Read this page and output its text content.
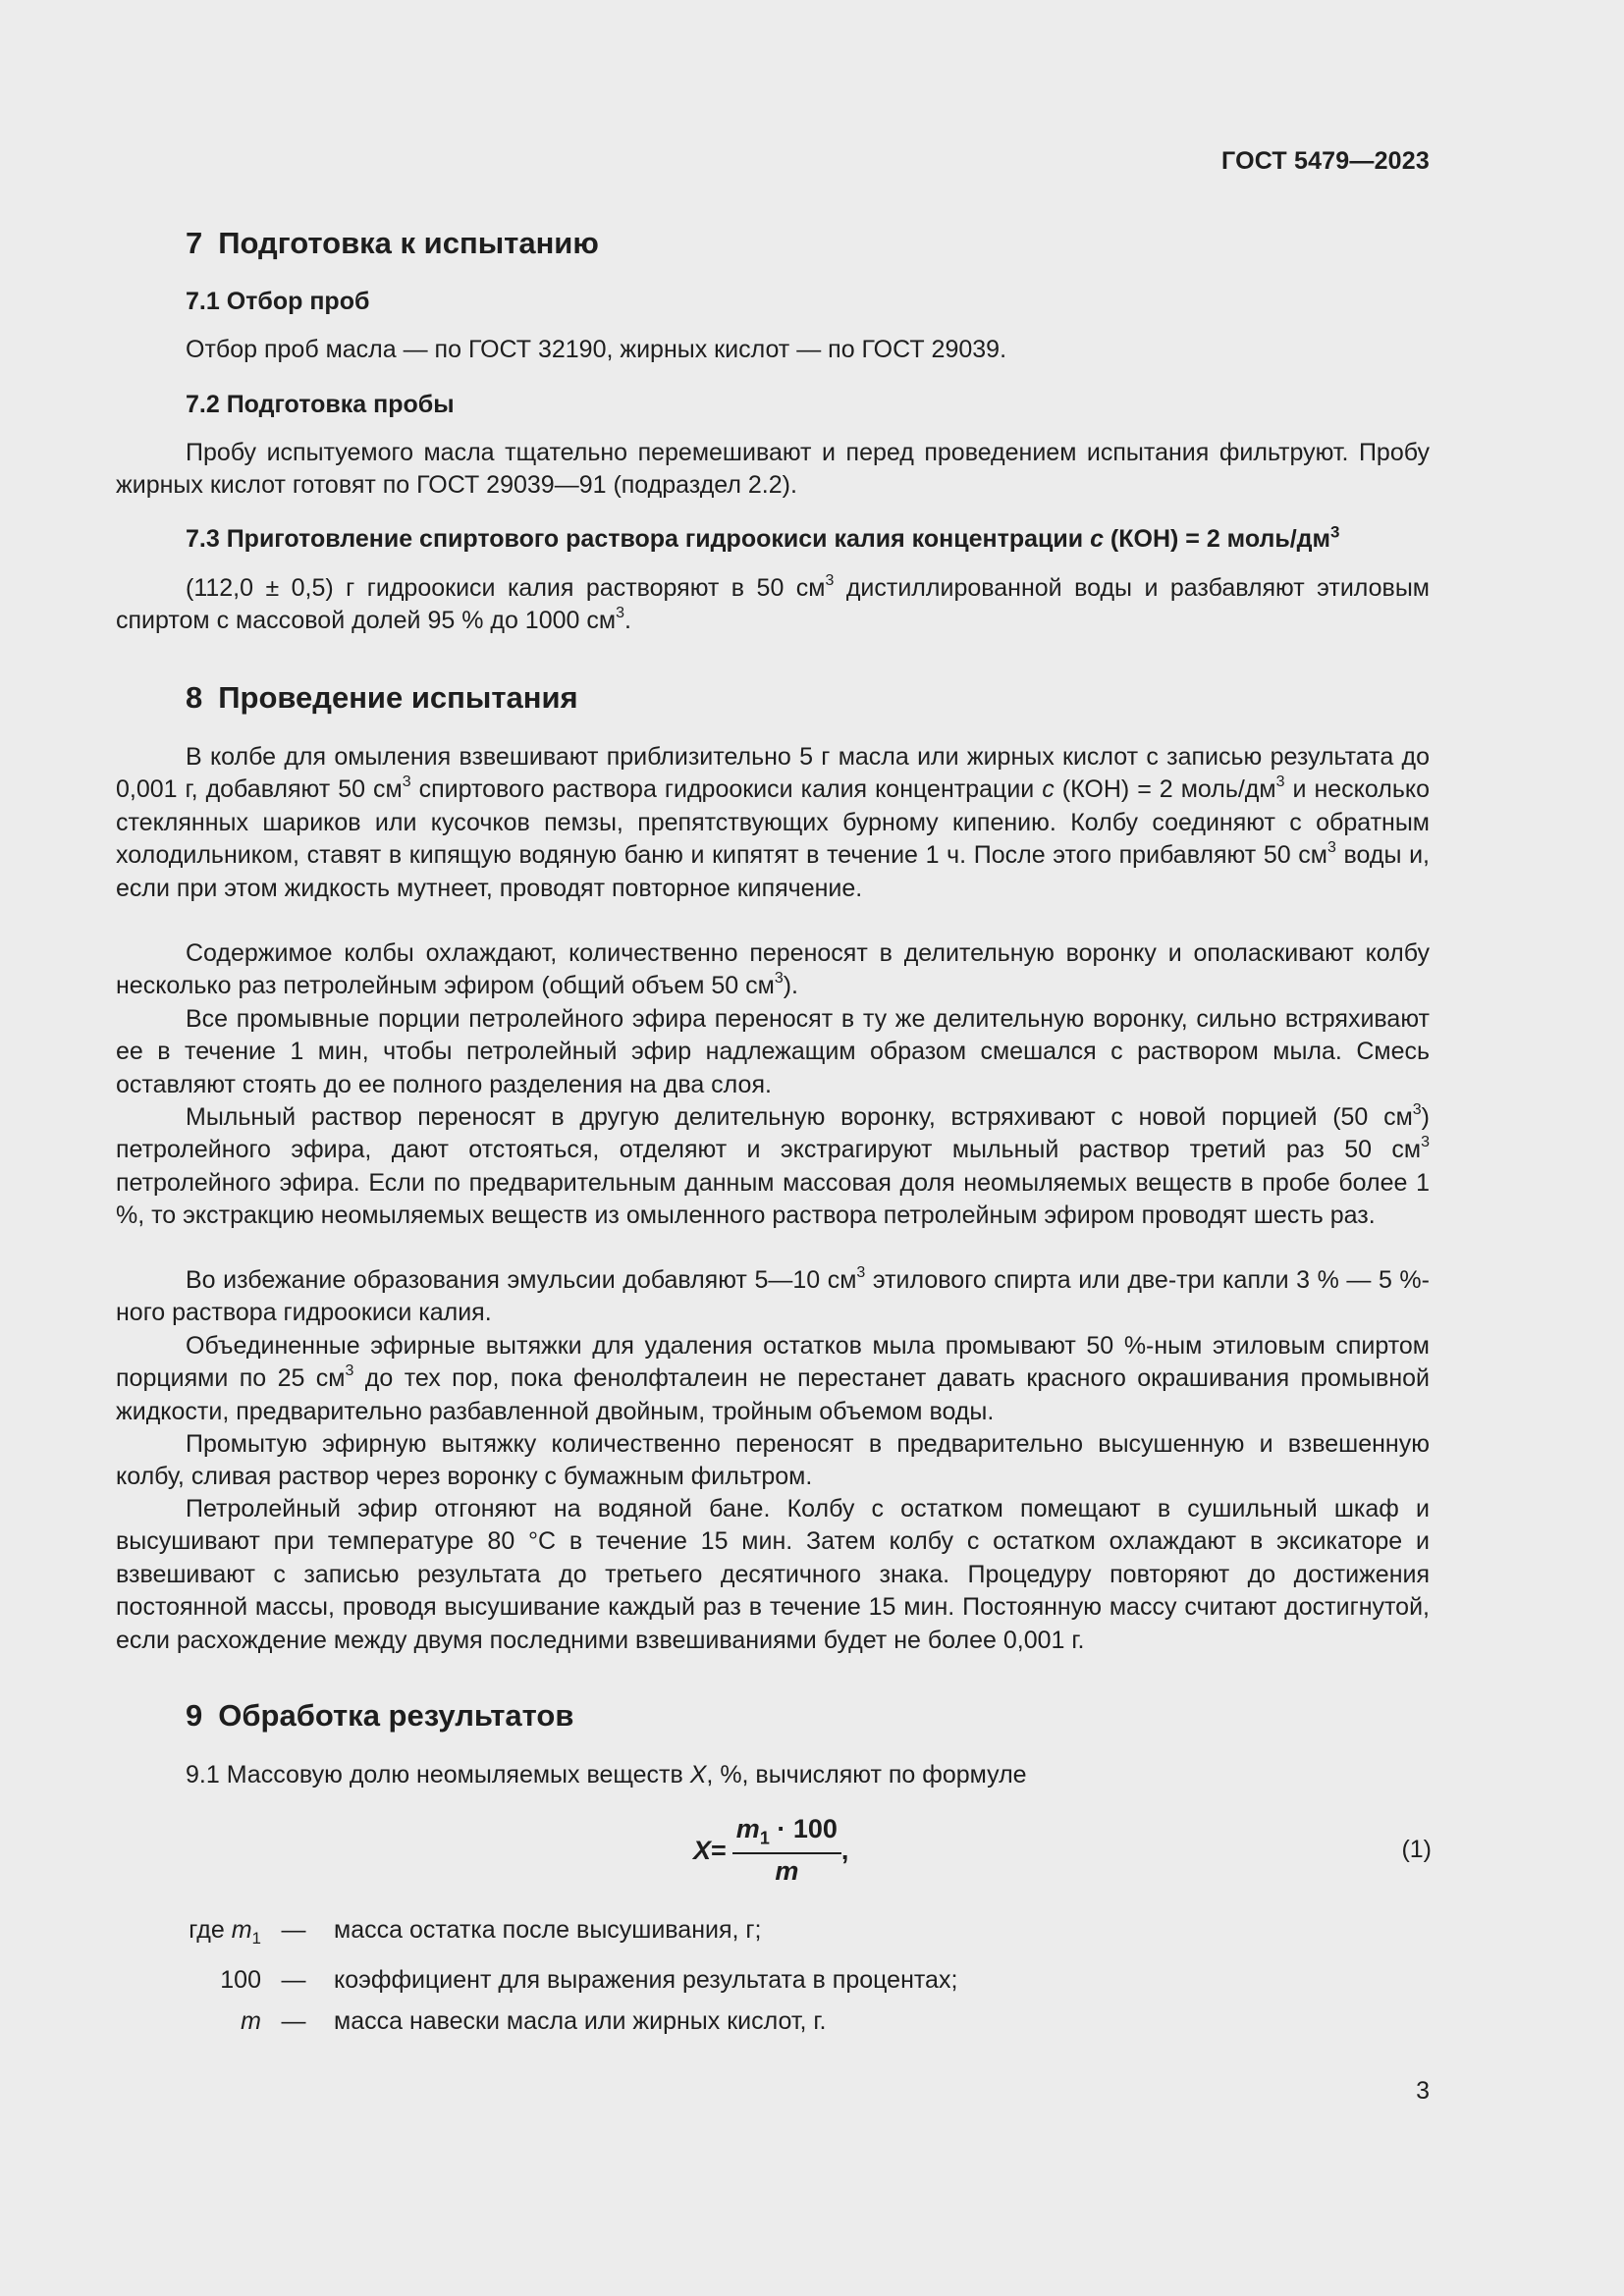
ГОСТ 5479—2023
7 Подготовка к испытанию
7.1 Отбор проб
Отбор проб масла — по ГОСТ 32190, жирных кислот — по ГОСТ 29039.
7.2 Подготовка пробы
Пробу испытуемого масла тщательно перемешивают и перед проведением испытания фильтруют. Пробу жирных кислот готовят по ГОСТ 29039—91 (подраздел 2.2).
7.3 Приготовление спиртового раствора гидроокиси калия концентрации c (КОН) = 2 моль/$дм^3$
(112,0 ± 0,5) г гидроокиси калия растворяют в 50 $см^3$ дистиллированной воды и разбавляют этиловым спиртом с массовой долей 95 % до 1000 $см^3$.
8 Проведение испытания
В колбе для омыления взвешивают приблизительно 5 г масла или жирных кислот с записью результата до 0,001 г, добавляют 50 $см^3$ спиртового раствора гидроокиси калия концентрации c (КОН) = 2 моль/$дм^3$ и несколько стеклянных шариков или кусочков пемзы, препятствующих бурному кипению. Колбу соединяют с обратным холодильником, ставят в кипящую водяную баню и кипятят в течение 1 ч. После этого прибавляют 50 $см^3$ воды и, если при этом жидкость мутнеет, проводят повторное кипячение.
Содержимое колбы охлаждают, количественно переносят в делительную воронку и ополаскивают колбу несколько раз петролейным эфиром (общий объем 50 $см^3$).
Все промывные порции петролейного эфира переносят в ту же делительную воронку, сильно встряхивают ее в течение 1 мин, чтобы петролейный эфир надлежащим образом смешался с раствором мыла. Смесь оставляют стоять до ее полного разделения на два слоя.
Мыльный раствор переносят в другую делительную воронку, встряхивают с новой порцией (50 $см^3$) петролейного эфира, дают отстояться, отделяют и экстрагируют мыльный раствор третий раз 50 $см^3$ петролейного эфира. Если по предварительным данным массовая доля неомыляемых веществ в пробе более 1 %, то экстракцию неомыляемых веществ из омыленного раствора петролейным эфиром проводят шесть раз.
Во избежание образования эмульсии добавляют 5—10 $см^3$ этилового спирта или две-три капли 3 % — 5 %-ного раствора гидроокиси калия.
Объединенные эфирные вытяжки для удаления остатков мыла промывают 50 %-ным этиловым спиртом порциями по 25 $см^3$ до тех пор, пока фенолфталеин не перестанет давать красного окрашивания промывной жидкости, предварительно разбавленной двойным, тройным объемом воды.
Промытую эфирную вытяжку количественно переносят в предварительно высушенную и взвешенную колбу, сливая раствор через воронку с бумажным фильтром.
Петролейный эфир отгоняют на водяной бане. Колбу с остатком помещают в сушильный шкаф и высушивают при температуре 80 °С в течение 15 мин. Затем колбу с остатком охлаждают в эксикаторе и взвешивают с записью результата до третьего десятичного знака. Процедуру повторяют до достижения постоянной массы, проводя высушивание каждый раз в течение 15 мин. Постоянную массу считают достигнутой, если расхождение между двумя последними взвешиваниями будет не более 0,001 г.
9 Обработка результатов
9.1 Массовую долю неомыляемых веществ X, %, вычисляют по формуле
$X = \frac{m_1 \cdot 100}{m}$ ,	(1)
где $m_1$ —	масса остатка после высушивания, г;
100 —	коэффициент для выражения результата в процентах;
m —	масса навески масла или жирных кислот, г.
3
